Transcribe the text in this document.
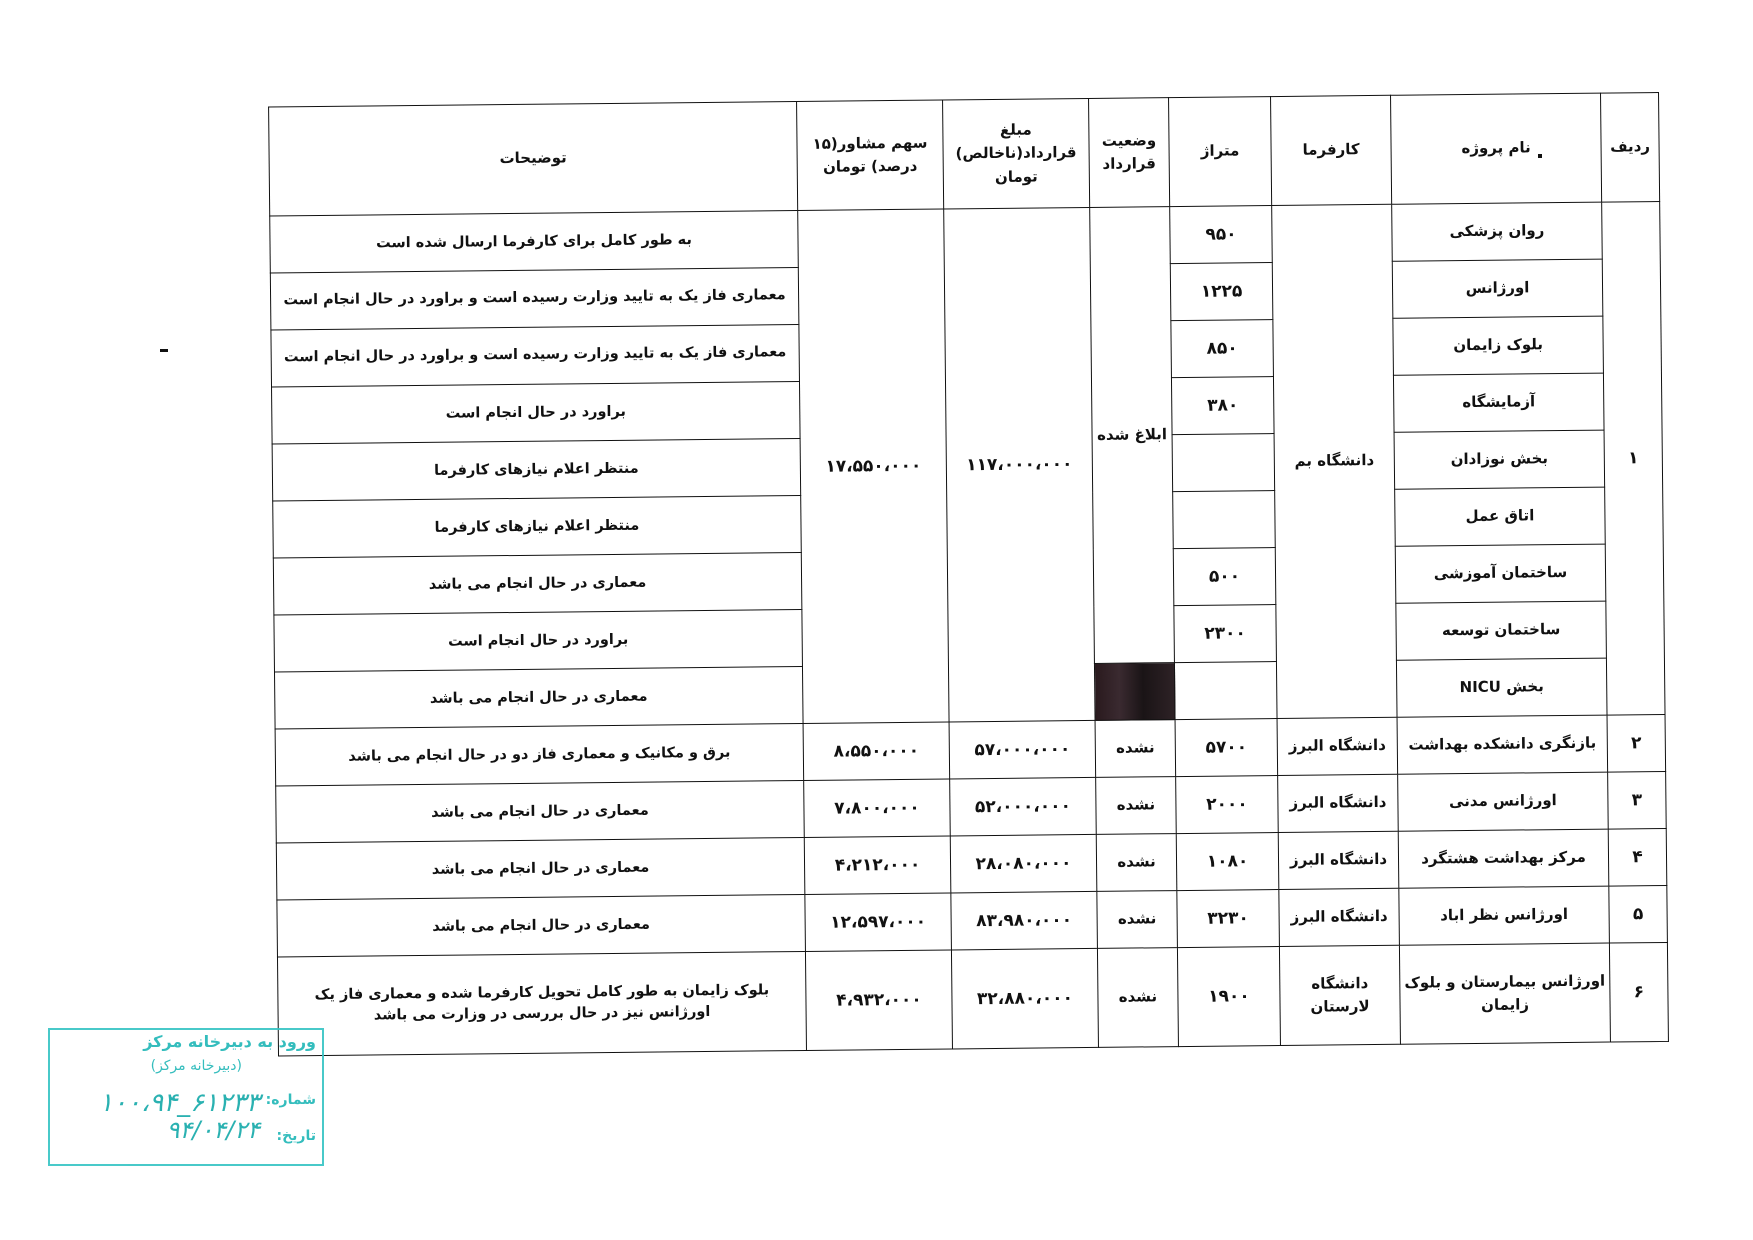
ردیف	نام پروژه	کارفرما	متراژ	وضعیت قرارداد	مبلغ قرارداد(ناخالص) تومان	سهم مشاور(۱۵ درصد) تومان	توضیحات
۱	روان پزشکی	دانشگاه بم	۹۵۰	ابلاغ شده	۱۱۷،۰۰۰،۰۰۰	۱۷،۵۵۰،۰۰۰	به طور کامل برای کارفرما ارسال شده است
	اورژانس		۱۲۲۵				معماری فاز یک به تایید وزارت رسیده است و براورد در حال انجام است
	بلوک زایمان		۸۵۰				معماری فاز یک به تایید وزارت رسیده است و براورد در حال انجام است
	آزمایشگاه		۳۸۰				براورد در حال انجام است
	بخش نوزادان						منتظر اعلام نیازهای کارفرما
	اتاق عمل						منتظر اعلام نیازهای کارفرما
	ساختمان آموزشی		۵۰۰				معماری در حال انجام می باشد
	ساختمان توسعه		۲۳۰۰				براورد در حال انجام است
	بخش NICU						معماری در حال انجام می باشد
۲	بازنگری دانشکده بهداشت	دانشگاه البرز	۵۷۰۰	نشده	۵۷،۰۰۰،۰۰۰	۸،۵۵۰،۰۰۰	برق و مکانیک و معماری فاز دو در حال انجام می باشد
۳	اورژانس مدنی	دانشگاه البرز	۲۰۰۰	نشده	۵۲،۰۰۰،۰۰۰	۷،۸۰۰،۰۰۰	معماری در حال انجام می باشد
۴	مرکز بهداشت هشتگرد	دانشگاه البرز	۱۰۸۰	نشده	۲۸،۰۸۰،۰۰۰	۴،۲۱۲،۰۰۰	معماری در حال انجام می باشد
۵	اورژانس نظر اباد	دانشگاه البرز	۳۲۳۰	نشده	۸۳،۹۸۰،۰۰۰	۱۲،۵۹۷،۰۰۰	معماری در حال انجام می باشد
۶	اورژانس بیمارستان و بلوک زایمان	دانشگاه لارستان	۱۹۰۰	نشده	۳۲،۸۸۰،۰۰۰	۴،۹۳۲،۰۰۰	بلوک زایمان به طور کامل تحویل کارفرما شده و معماری فاز یک اورژانس نیز در حال بررسی در وزارت می باشد
ورود به دبیرخانه مرکز
(دبیرخانه مرکز)
شماره:
۱۰۰،۹۴_۶۱۲۳۳
تاریخ:
۹۴/۰۴/۲۴
